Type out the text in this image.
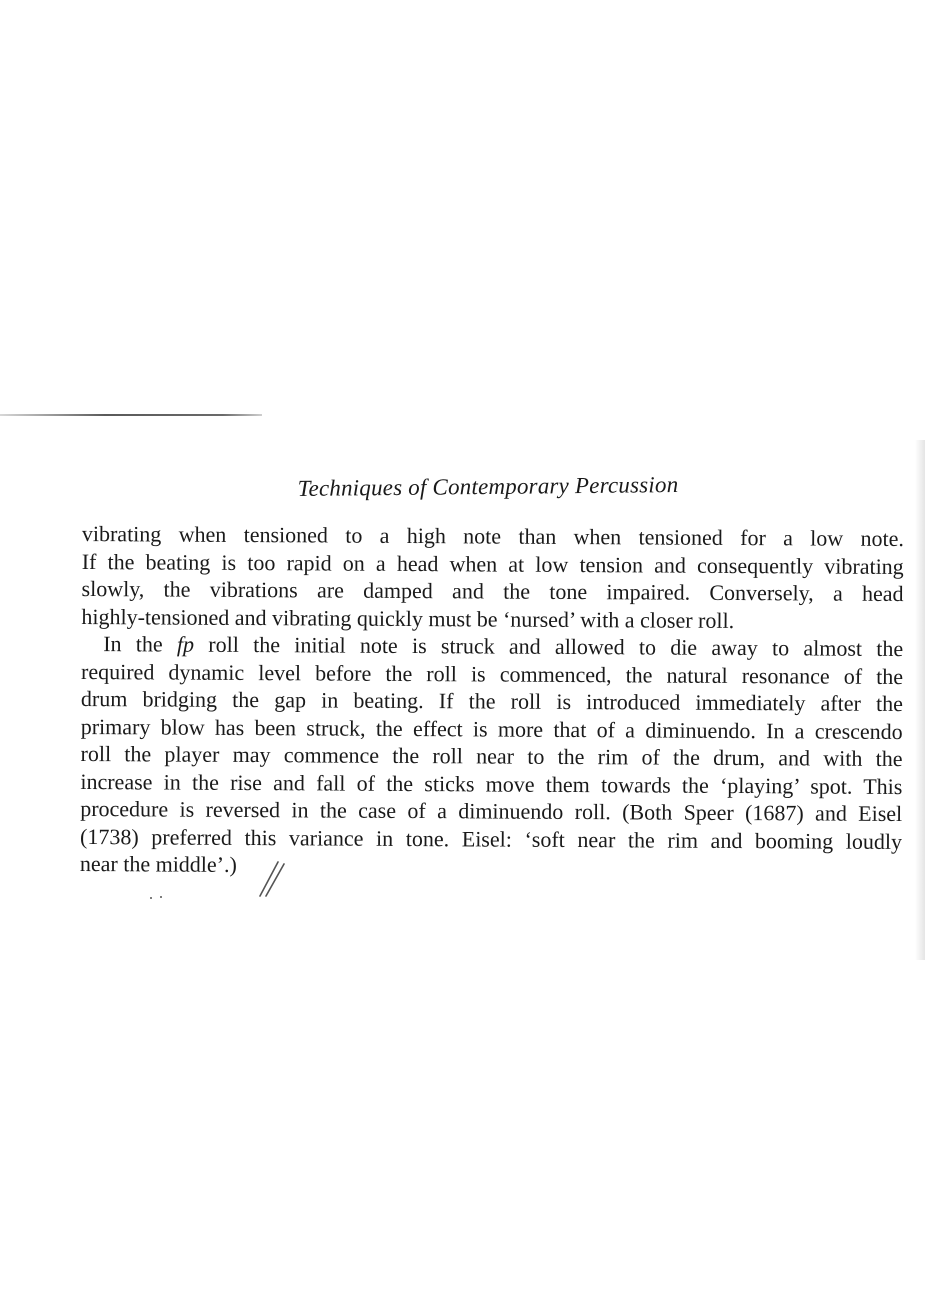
Techniques of Contemporary Percussion
vibrating when tensioned to a high note than when tensioned for a low note.
If the beating is too rapid on a head when at low tension and consequently vibrating
slowly, the vibrations are damped and the tone impaired. Conversely, a head
highly-tensioned and vibrating quickly must be ‘nursed’ with a closer roll.
In the fp roll the initial note is struck and allowed to die away to almost the
required dynamic level before the roll is commenced, the natural resonance of the
drum bridging the gap in beating. If the roll is introduced immediately after the
primary blow has been struck, the effect is more that of a diminuendo. In a crescendo
roll the player may commence the roll near to the rim of the drum, and with the
increase in the rise and fall of the sticks move them towards the ‘playing’ spot. This
procedure is reversed in the case of a diminuendo roll. (Both Speer (1687) and Eisel
(1738) preferred this variance in tone. Eisel: ‘soft near the rim and booming loudly
near the middle’.)
